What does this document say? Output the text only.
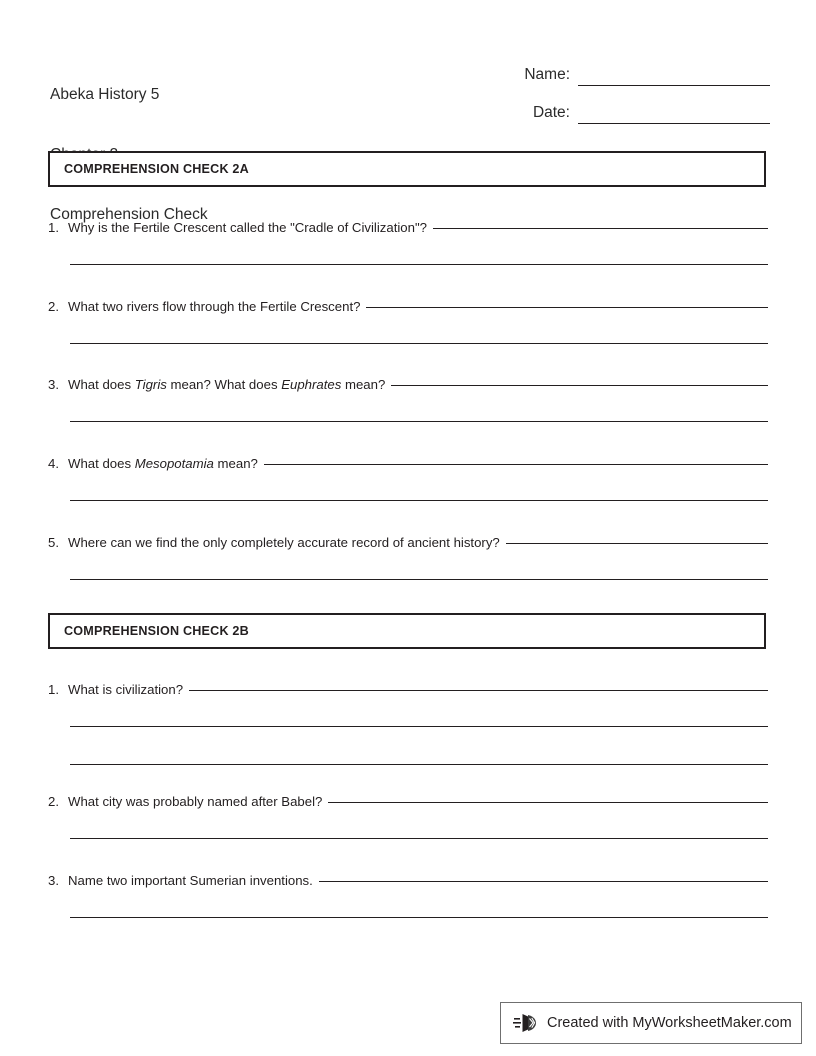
Abeka History 5

Comprehension Check

Name:
Date:
COMPREHENSION CHECK 2A
1. Why is the Fertile Crescent called the "Cradle of Civilization"?
2. What two rivers flow through the Fertile Crescent?
3. What does Tigris mean? What does Euphrates mean?
4. What does Mesopotamia mean?
5. Where can we find the only completely accurate record of ancient history?
COMPREHENSION CHECK 2B
1. What is civilization?
2. What city was probably named after Babel?
3. Name two important Sumerian inventions.
Created with MyWorksheetMaker.com
